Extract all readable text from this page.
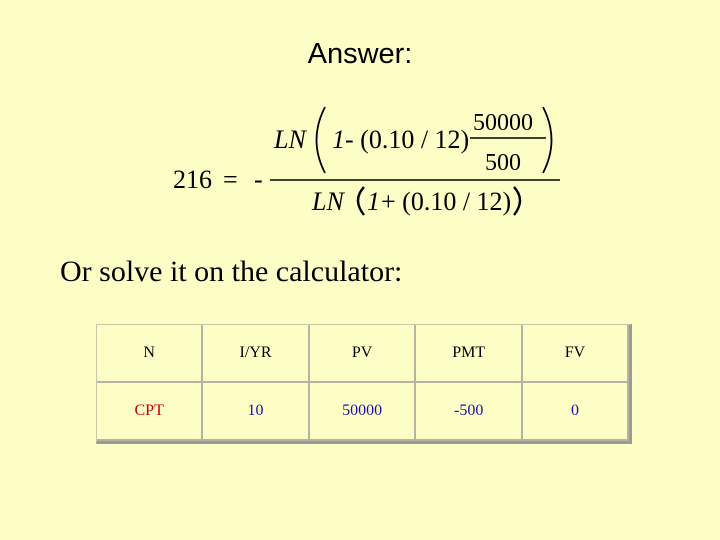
Answer:
216 = -
LN 1 - (0.10 / 12)
50000
500
LN 1 + (0.10 / 12)
Or solve it on the calculator:
N	I/YR	PV	PMT	FV
CPT	10	50000	-500	0
